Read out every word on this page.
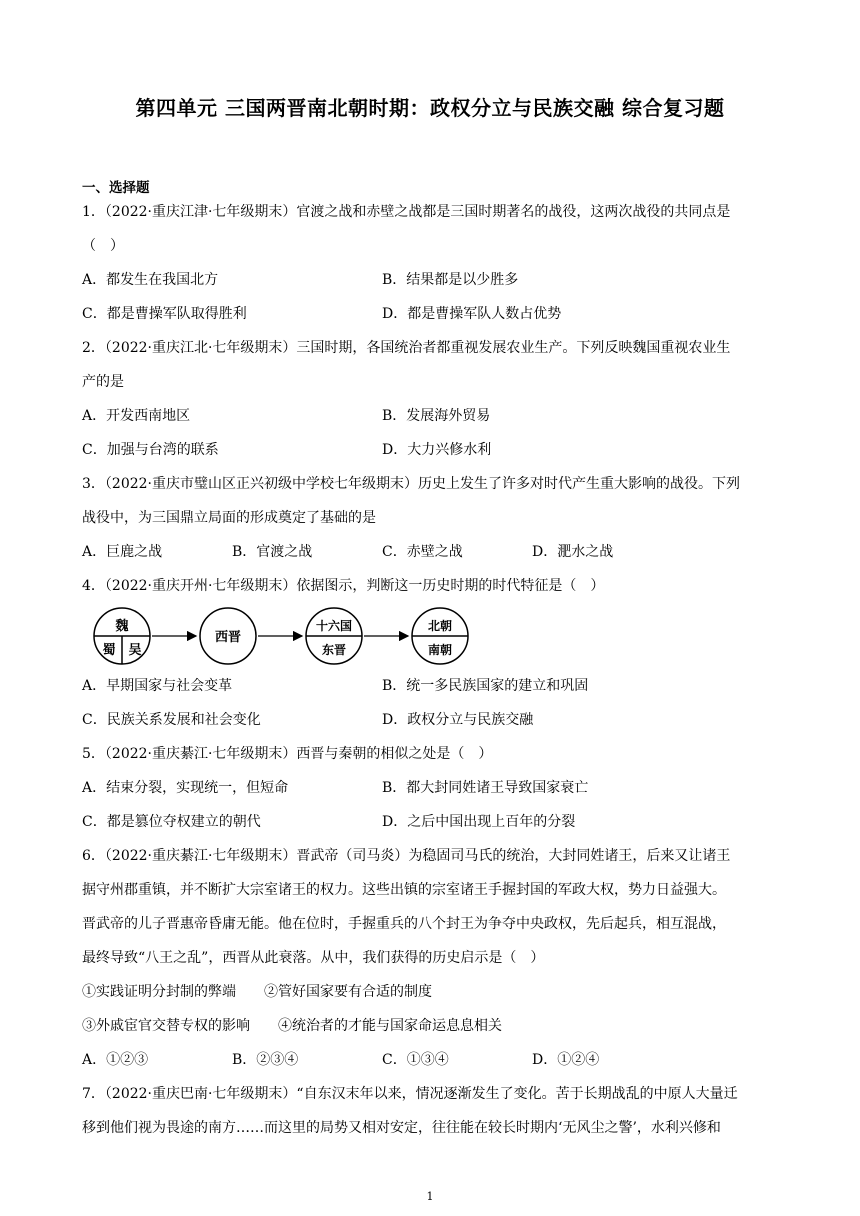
第四单元 三国两晋南北朝时期：政权分立与民族交融 综合复习题
一、选择题
1．（2022·重庆江津·七年级期末）官渡之战和赤壁之战都是三国时期著名的战役，这两次战役的共同点是
（　）
A．都发生在我国北方	B．结果都是以少胜多
C．都是曹操军队取得胜利	D．都是曹操军队人数占优势
2．（2022·重庆江北·七年级期末）三国时期，各国统治者都重视发展农业生产。下列反映魏国重视农业生
产的是
A．开发西南地区	B．发展海外贸易
C．加强与台湾的联系	D．大力兴修水利
3．（2022·重庆市璧山区正兴初级中学校七年级期末）历史上发生了许多对时代产生重大影响的战役。下列
战役中，为三国鼎立局面的形成奠定了基础的是
A．巨鹿之战	B．官渡之战	C．赤壁之战	D．淝水之战
4．（2022·重庆开州·七年级期末）依据图示，判断这一历史时期的时代特征是（　）
魏
蜀 吴
西晋
十六国
东晋
北朝
南朝
A．早期国家与社会变革	B．统一多民族国家的建立和巩固
C．民族关系发展和社会变化	D．政权分立与民族交融
5．（2022·重庆綦江·七年级期末）西晋与秦朝的相似之处是（　）
A．结束分裂，实现统一，但短命	B．都大封同姓诸王导致国家衰亡
C．都是篡位夺权建立的朝代	D．之后中国出现上百年的分裂
6．（2022·重庆綦江·七年级期末）晋武帝（司马炎）为稳固司马氏的统治，大封同姓诸王，后来又让诸王
据守州郡重镇，并不断扩大宗室诸王的权力。这些出镇的宗室诸王手握封国的军政大权，势力日益强大。
晋武帝的儿子晋惠帝昏庸无能。他在位时，手握重兵的八个封王为争夺中央政权，先后起兵，相互混战，
最终导致“八王之乱”，西晋从此衰落。从中，我们获得的历史启示是（　）
①实践证明分封制的弊端　　②管好国家要有合适的制度
③外戚宦官交替专权的影响　　④统治者的才能与国家命运息息相关
A．①②③	B．②③④	C．①③④	D．①②④
7．（2022·重庆巴南·七年级期末）“自东汉末年以来，情况逐渐发生了变化。苦于长期战乱的中原人大量迁
移到他们视为畏途的南方……而这里的局势又相对安定，往往能在较长时期内‘无风尘之警’，水利兴修和
1
